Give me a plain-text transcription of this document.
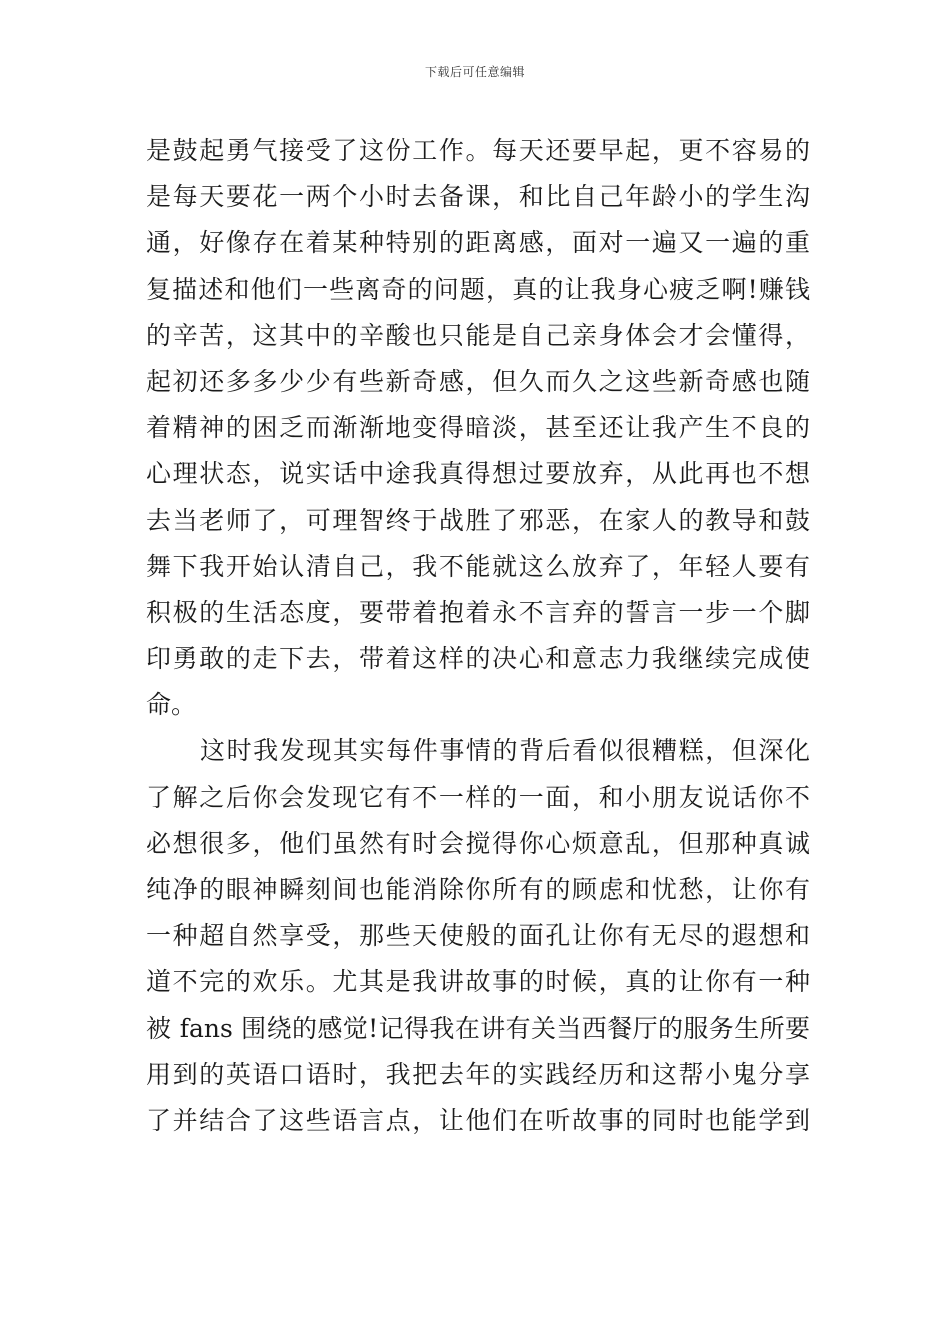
下载后可任意编辑
是鼓起勇气接受了这份工作。每天还要早起，更不容易的
是每天要花一两个小时去备课，和比自己年龄小的学生沟
通，好像存在着某种特别的距离感，面对一遍又一遍的重
复描述和他们一些离奇的问题，真的让我身心疲乏啊!赚钱
的辛苦，这其中的辛酸也只能是自己亲身体会才会懂得，
起初还多多少少有些新奇感，但久而久之这些新奇感也随
着精神的困乏而渐渐地变得暗淡，甚至还让我产生不良的
心理状态，说实话中途我真得想过要放弃，从此再也不想
去当老师了，可理智终于战胜了邪恶，在家人的教导和鼓
舞下我开始认清自己，我不能就这么放弃了，年轻人要有
积极的生活态度，要带着抱着永不言弃的誓言一步一个脚
印勇敢的走下去，带着这样的决心和意志力我继续完成使
命。
这时我发现其实每件事情的背后看似很糟糕，但深化
了解之后你会发现它有不一样的一面，和小朋友说话你不
必想很多，他们虽然有时会搅得你心烦意乱，但那种真诚
纯净的眼神瞬刻间也能消除你所有的顾虑和忧愁，让你有
一种超自然享受，那些天使般的面孔让你有无尽的遐想和
道不完的欢乐。尤其是我讲故事的时候，真的让你有一种
被 fans 围绕的感觉!记得我在讲有关当西餐厅的服务生所要
用到的英语口语时，我把去年的实践经历和这帮小鬼分享
了并结合了这些语言点，让他们在听故事的同时也能学到
